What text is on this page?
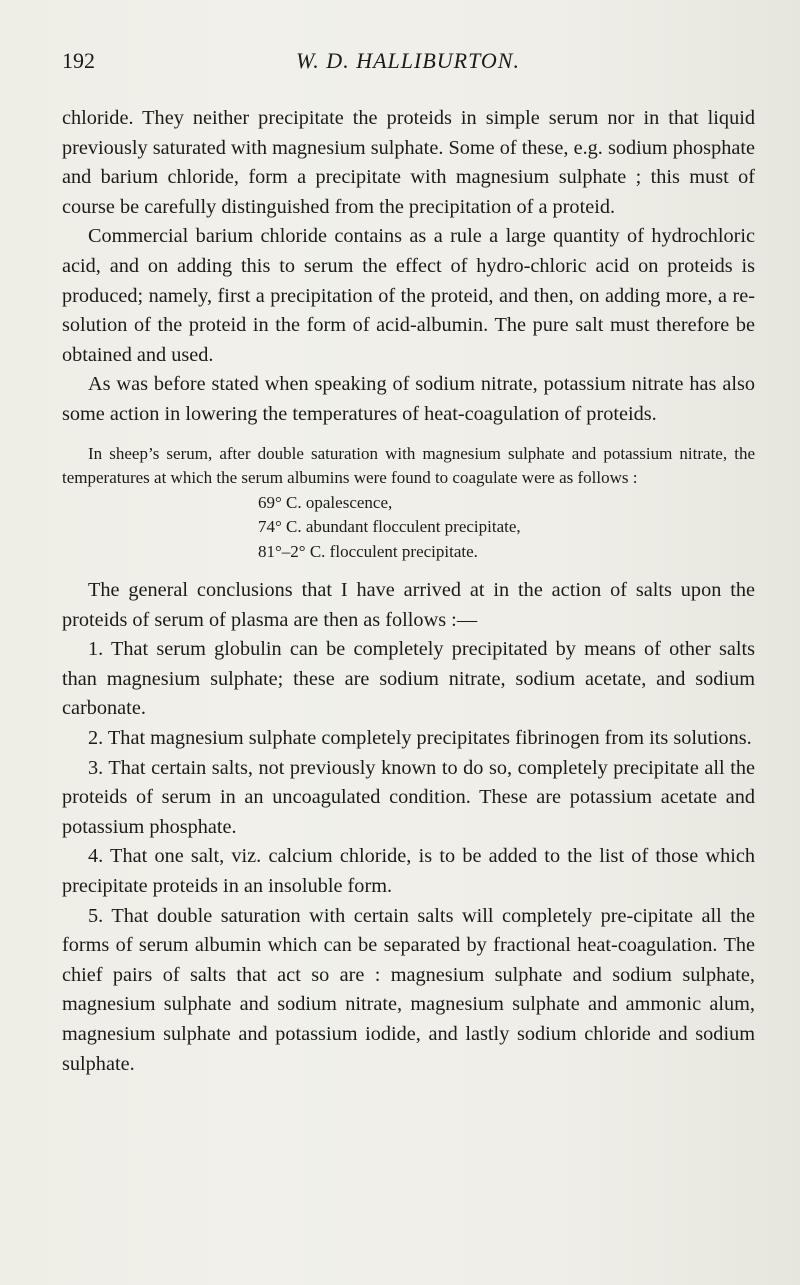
192	W. D. HALLIBURTON.

chloride. They neither precipitate the proteids in simple serum nor in that liquid previously saturated with magnesium sulphate. Some of these, e.g. sodium phosphate and barium chloride, form a precipitate with magnesium sulphate ; this must of course be carefully distinguished from the precipitation of a proteid.

Commercial barium chloride contains as a rule a large quantity of hydrochloric acid, and on adding this to serum the effect of hydro-chloric acid on proteids is produced; namely, first a precipitation of the proteid, and then, on adding more, a re-solution of the proteid in the form of acid-albumin. The pure salt must therefore be obtained and used.

As was before stated when speaking of sodium nitrate, potassium nitrate has also some action in lowering the temperatures of heat-coagulation of proteids.

In sheep’s serum, after double saturation with magnesium sulphate and potassium nitrate, the temperatures at which the serum albumins were found to coagulate were as follows :

69° C. opalescence,
74° C. abundant flocculent precipitate,
81°–2° C. flocculent precipitate.

The general conclusions that I have arrived at in the action of salts upon the proteids of serum of plasma are then as follows :—

1. That serum globulin can be completely precipitated by means of other salts than magnesium sulphate; these are sodium nitrate, sodium acetate, and sodium carbonate.

2. That magnesium sulphate completely precipitates fibrinogen from its solutions.

3. That certain salts, not previously known to do so, completely precipitate all the proteids of serum in an uncoagulated condition. These are potassium acetate and potassium phosphate.

4. That one salt, viz. calcium chloride, is to be added to the list of those which precipitate proteids in an insoluble form.

5. That double saturation with certain salts will completely pre-cipitate all the forms of serum albumin which can be separated by fractional heat-coagulation. The chief pairs of salts that act so are : magnesium sulphate and sodium sulphate, magnesium sulphate and sodium nitrate, magnesium sulphate and ammonic alum, magnesium sulphate and potassium iodide, and lastly sodium chloride and sodium sulphate.
